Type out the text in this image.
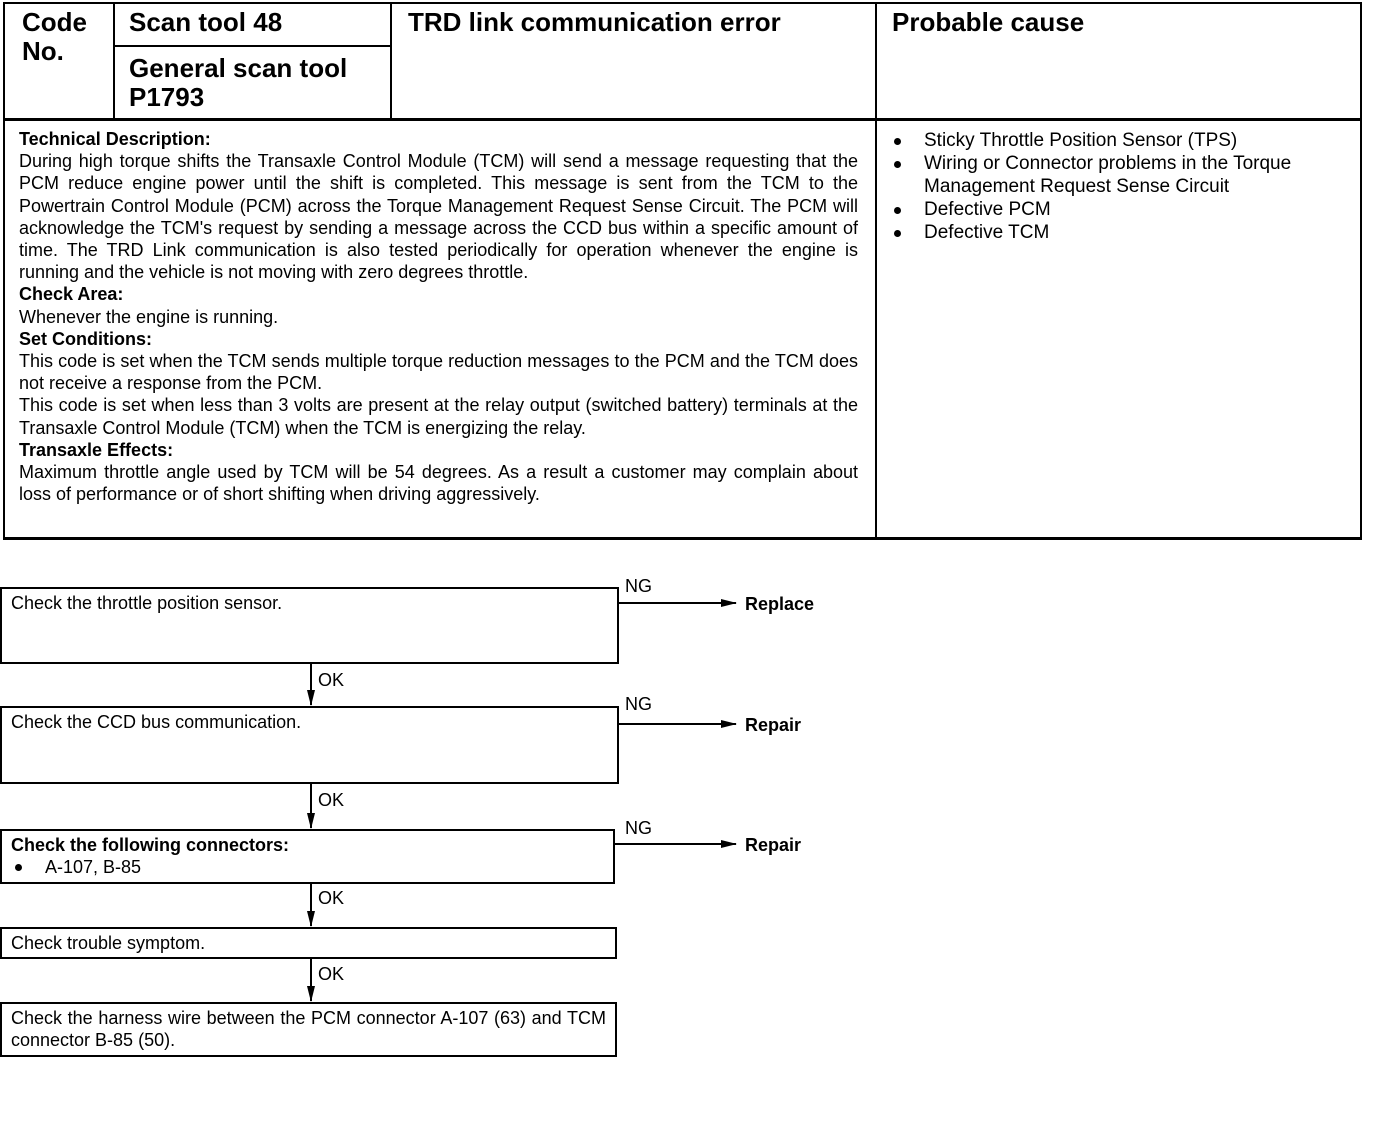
Code No.
Scan tool 48
General scan tool P1793
TRD link communication error	Probable cause

Technical Description:

During high torque shifts the Transaxle Control Module (TCM) will send a message requesting that the PCM reduce engine power until the shift is completed. This message is sent from the TCM to the Powertrain Control Module (PCM) across the Torque Management Request Sense Circuit. The PCM will acknowledge the TCM's request by sending a message across the CCD bus within a specific amount of time. The TRD Link communication is also tested periodically for operation whenever the engine is running and the vehicle is not moving with zero degrees throttle.

Check Area:

Whenever the engine is running.

Set Conditions:

This code is set when the TCM sends multiple torque reduction messages to the PCM and the TCM does not receive a response from the PCM.

This code is set when less than 3 volts are present at the relay output (switched battery) terminals at the Transaxle Control Module (TCM) when the TCM is energizing the relay.

Transaxle Effects:

Maximum throttle angle used by TCM will be 54 degrees. As a result a customer may complain about loss of performance or of short shifting when driving aggressively.

Sticky Throttle Position Sensor (TPS)
Wiring or Connector problems in the Torque Management Request Sense Circuit
Defective PCM
Defective TCM
Check the throttle position sensor.
Check the CCD bus communication.
Check the following connectors:
A-107, B-85
Check trouble symptom.
Check the harness wire between the PCM connector A-107 (63) and TCM connector B-85 (50).
NG
NG
NG
OK
OK
OK
OK
Replace
Repair
Repair
